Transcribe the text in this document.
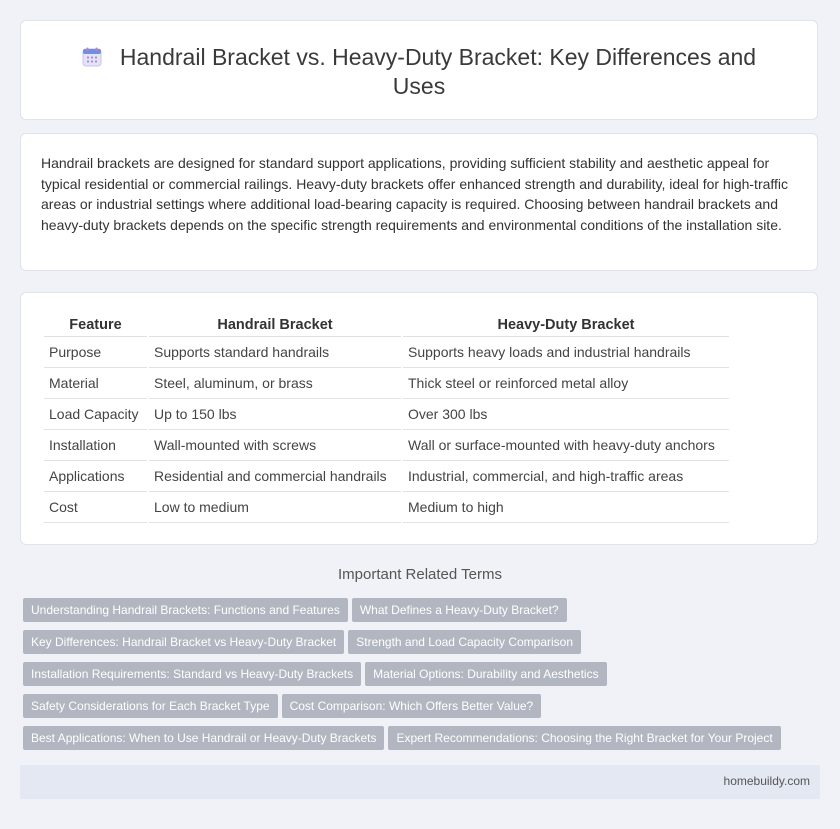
Handrail Bracket vs. Heavy-Duty Bracket: Key Differences and Uses
Handrail brackets are designed for standard support applications, providing sufficient stability and aesthetic appeal for typical residential or commercial railings. Heavy-duty brackets offer enhanced strength and durability, ideal for high-traffic areas or industrial settings where additional load-bearing capacity is required. Choosing between handrail brackets and heavy-duty brackets depends on the specific strength requirements and environmental conditions of the installation site.
Feature	Handrail Bracket	Heavy-Duty Bracket
Purpose	Supports standard handrails	Supports heavy loads and industrial handrails
Material	Steel, aluminum, or brass	Thick steel or reinforced metal alloy
Load Capacity	Up to 150 lbs	Over 300 lbs
Installation	Wall-mounted with screws	Wall or surface-mounted with heavy-duty anchors
Applications	Residential and commercial handrails	Industrial, commercial, and high-traffic areas
Cost	Low to medium	Medium to high
Important Related Terms
Understanding Handrail Brackets: Functions and Features What Defines a Heavy-Duty Bracket?
Key Differences: Handrail Bracket vs Heavy-Duty Bracket Strength and Load Capacity Comparison
Installation Requirements: Standard vs Heavy-Duty Brackets Material Options: Durability and Aesthetics
Safety Considerations for Each Bracket Type Cost Comparison: Which Offers Better Value?
Best Applications: When to Use Handrail or Heavy-Duty Brackets Expert Recommendations: Choosing the Right Bracket for Your Project
homebuildy.com
